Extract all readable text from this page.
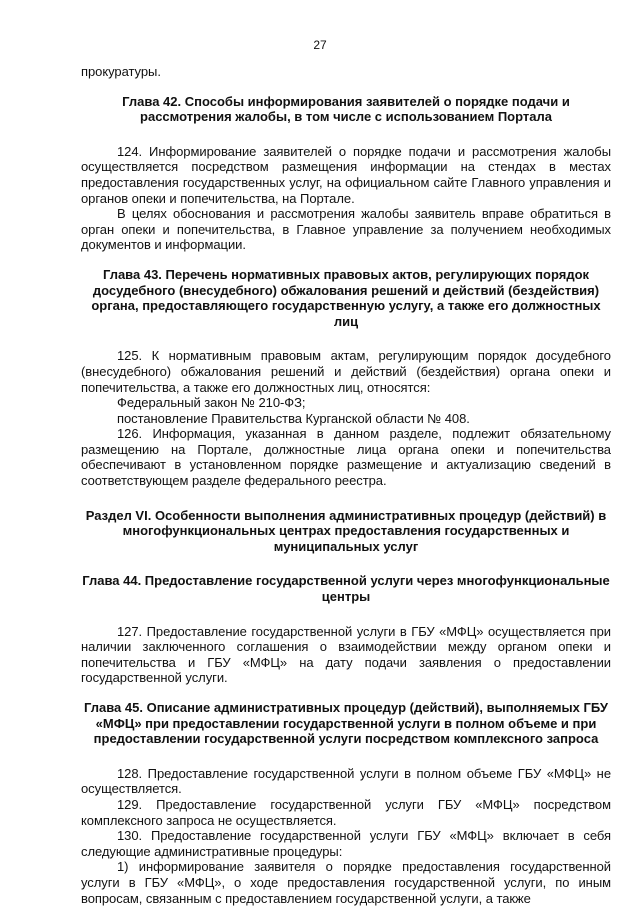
27

прокуратуры.

Глава 42. Способы информирования заявителей о порядке подачи и рассмотрения жалобы, в том числе с использованием Портала

124. Информирование заявителей о порядке подачи и рассмотрения жалобы осуществляется посредством размещения информации на стендах в местах предоставления государственных услуг, на официальном сайте Главного управления и органов опеки и попечительства, на Портале.

В целях обоснования и рассмотрения жалобы заявитель вправе обратиться в орган опеки и попечительства, в Главное управление за получением необходимых документов и информации.

Глава 43. Перечень нормативных правовых актов, регулирующих порядок досудебного (внесудебного) обжалования решений и действий (бездействия) органа, предоставляющего государственную услугу, а также его должностных лиц

125. К нормативным правовым актам, регулирующим порядок досудебного (внесудебного) обжалования решений и действий (бездействия) органа опеки и попечительства, а также его должностных лиц, относятся:

Федеральный закон № 210-ФЗ;

постановление Правительства Курганской области № 408.

126. Информация, указанная в данном разделе, подлежит обязательному размещению на Портале, должностные лица органа опеки и попечительства обеспечивают в установленном порядке размещение и актуализацию сведений в соответствующем разделе федерального реестра.

Раздел VI. Особенности выполнения административных процедур (действий) в многофункциональных центрах предоставления государственных и муниципальных услуг

Глава 44. Предоставление государственной услуги через многофункциональные центры

127. Предоставление государственной услуги в ГБУ «МФЦ» осуществляется при наличии заключенного соглашения о взаимодействии между органом опеки и попечительства и ГБУ «МФЦ» на дату подачи заявления о предоставлении государственной услуги.

Глава 45. Описание административных процедур (действий), выполняемых ГБУ «МФЦ» при предоставлении государственной услуги в полном объеме и при предоставлении государственной услуги посредством комплексного запроса

128. Предоставление государственной услуги в полном объеме ГБУ «МФЦ» не осуществляется.

129. Предоставление государственной услуги ГБУ «МФЦ» посредством комплексного запроса не осуществляется.

130. Предоставление государственной услуги ГБУ «МФЦ» включает в себя следующие административные процедуры:

1) информирование заявителя о порядке предоставления государственной услуги в ГБУ «МФЦ», о ходе предоставления государственной услуги, по иным вопросам, связанным с предоставлением государственной услуги, а также
